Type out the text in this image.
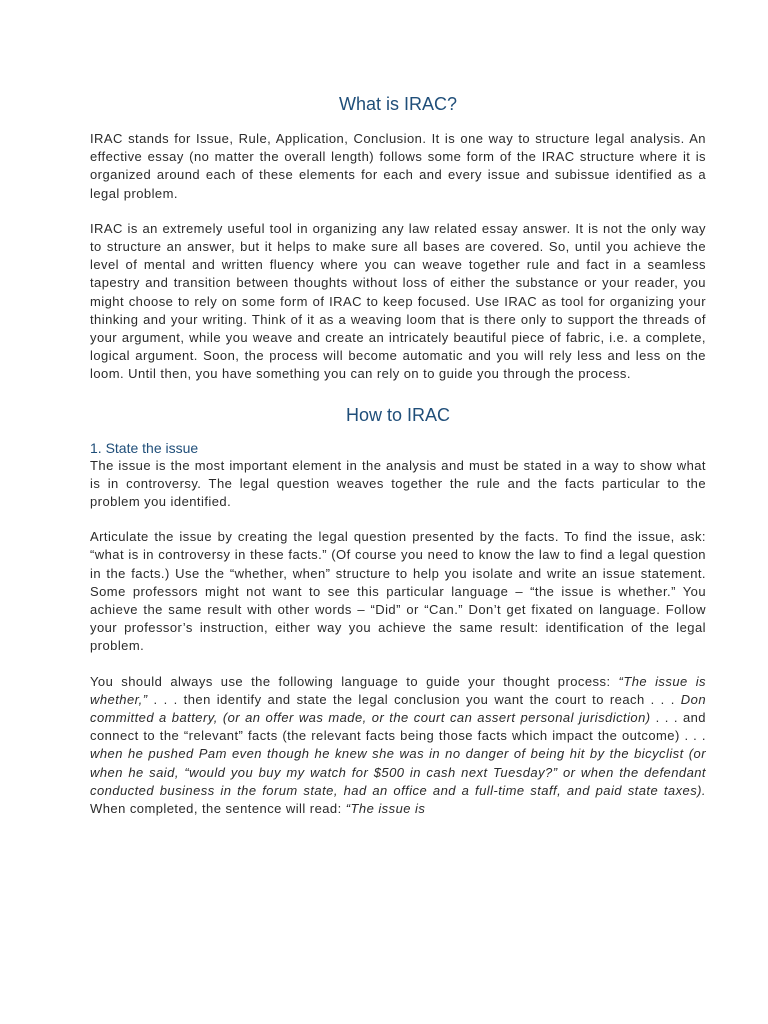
What is IRAC?

IRAC stands for Issue, Rule, Application, Conclusion. It is one way to structure legal analysis. An effective essay (no matter the overall length) follows some form of the IRAC structure where it is organized around each of these elements for each and every issue and subissue identified as a legal problem.

IRAC is an extremely useful tool in organizing any law related essay answer. It is not the only way to structure an answer, but it helps to make sure all bases are covered. So, until you achieve the level of mental and written fluency where you can weave together rule and fact in a seamless tapestry and transition between thoughts without loss of either the substance or your reader, you might choose to rely on some form of IRAC to keep focused. Use IRAC as tool for organizing your thinking and your writing. Think of it as a weaving loom that is there only to support the threads of your argument, while you weave and create an intricately beautiful piece of fabric, i.e. a complete, logical argument. Soon, the process will become automatic and you will rely less and less on the loom. Until then, you have something you can rely on to guide you through the process.

How to IRAC
1. State the issue

The issue is the most important element in the analysis and must be stated in a way to show what is in controversy. The legal question weaves together the rule and the facts particular to the problem you identified.

Articulate the issue by creating the legal question presented by the facts. To find the issue, ask: “what is in controversy in these facts.” (Of course you need to know the law to find a legal question in the facts.) Use the “whether, when” structure to help you isolate and write an issue statement. Some professors might not want to see this particular language – “the issue is whether.” You achieve the same result with other words – “Did” or “Can.” Don’t get fixated on language. Follow your professor’s instruction, either way you achieve the same result: identification of the legal problem.

You should always use the following language to guide your thought process: “The issue is whether,” . . . then identify and state the legal conclusion you want the court to reach . . . Don committed a battery, (or an offer was made, or the court can assert personal jurisdiction) . . . and connect to the “relevant” facts (the relevant facts being those facts which impact the outcome) . . . when he pushed Pam even though he knew she was in no danger of being hit by the bicyclist (or when he said, “would you buy my watch for $500 in cash next Tuesday?” or when the defendant conducted business in the forum state, had an office and a full-time staff, and paid state taxes). When completed, the sentence will read: “The issue is
